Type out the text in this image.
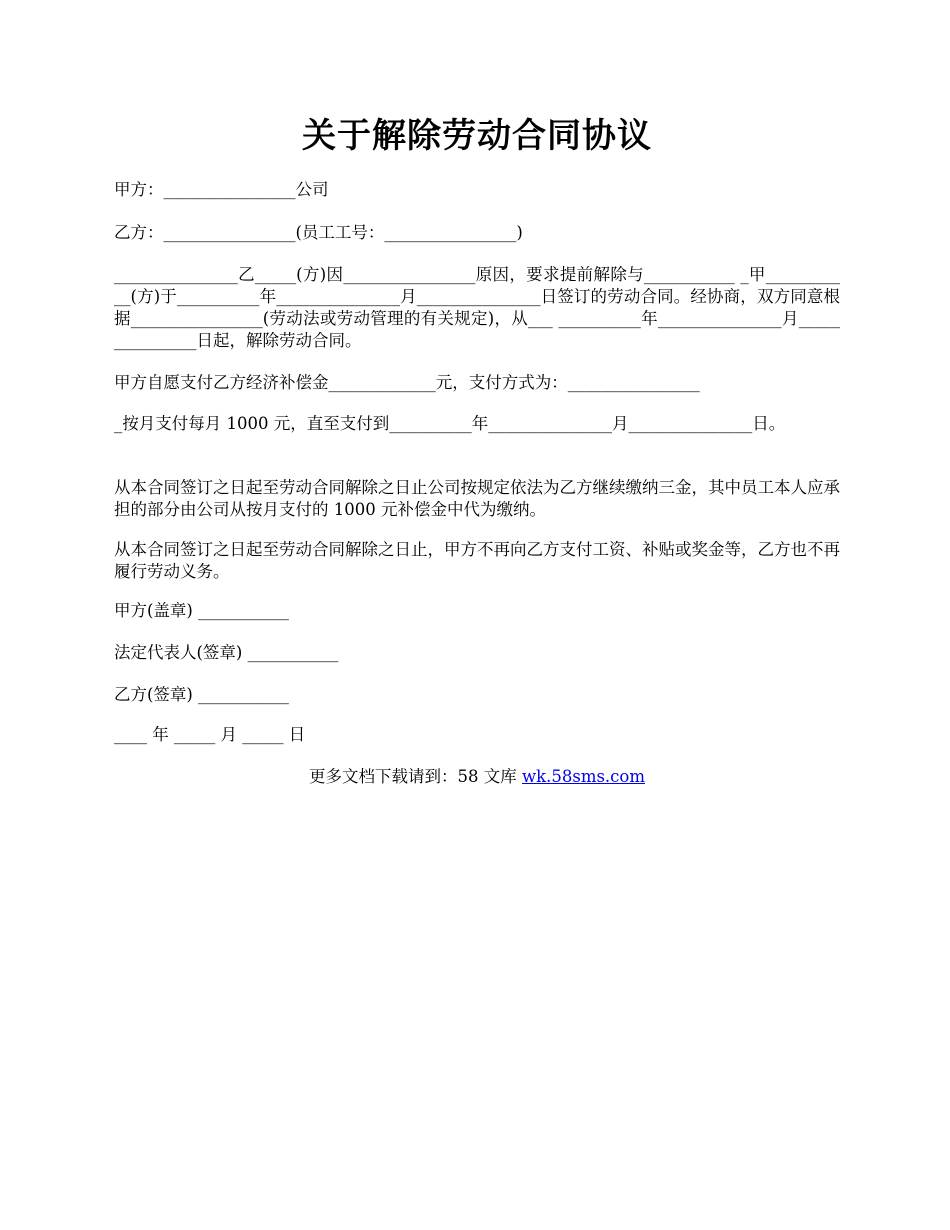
关于解除劳动合同协议

甲方：________________公司

乙方：________________(员工工号：________________)

_______________乙_____(方)因________________原因，要求提前解除与___________ _甲___________(方)于__________年_______________月_______________日签订的劳动合同。经协商，双方同意根据________________(劳动法或劳动管理的有关规定)，从___ __________年_______________月_______________日起，解除劳动合同。

甲方自愿支付乙方经济补偿金_____________元，支付方式为：________________

_按月支付每月 1000 元，直至支付到__________年_______________月_______________日。

从本合同签订之日起至劳动合同解除之日止公司按规定依法为乙方继续缴纳三金，其中员工本人应承担的部分由公司从按月支付的 1000 元补偿金中代为缴纳。

从本合同签订之日起至劳动合同解除之日止，甲方不再向乙方支付工资、补贴或奖金等，乙方也不再履行劳动义务。

甲方(盖章) ___________

法定代表人(签章) ___________

乙方(签章) ___________

____ 年 _____ 月 _____ 日

更多文档下载请到：58 文库 wk.58sms.com
